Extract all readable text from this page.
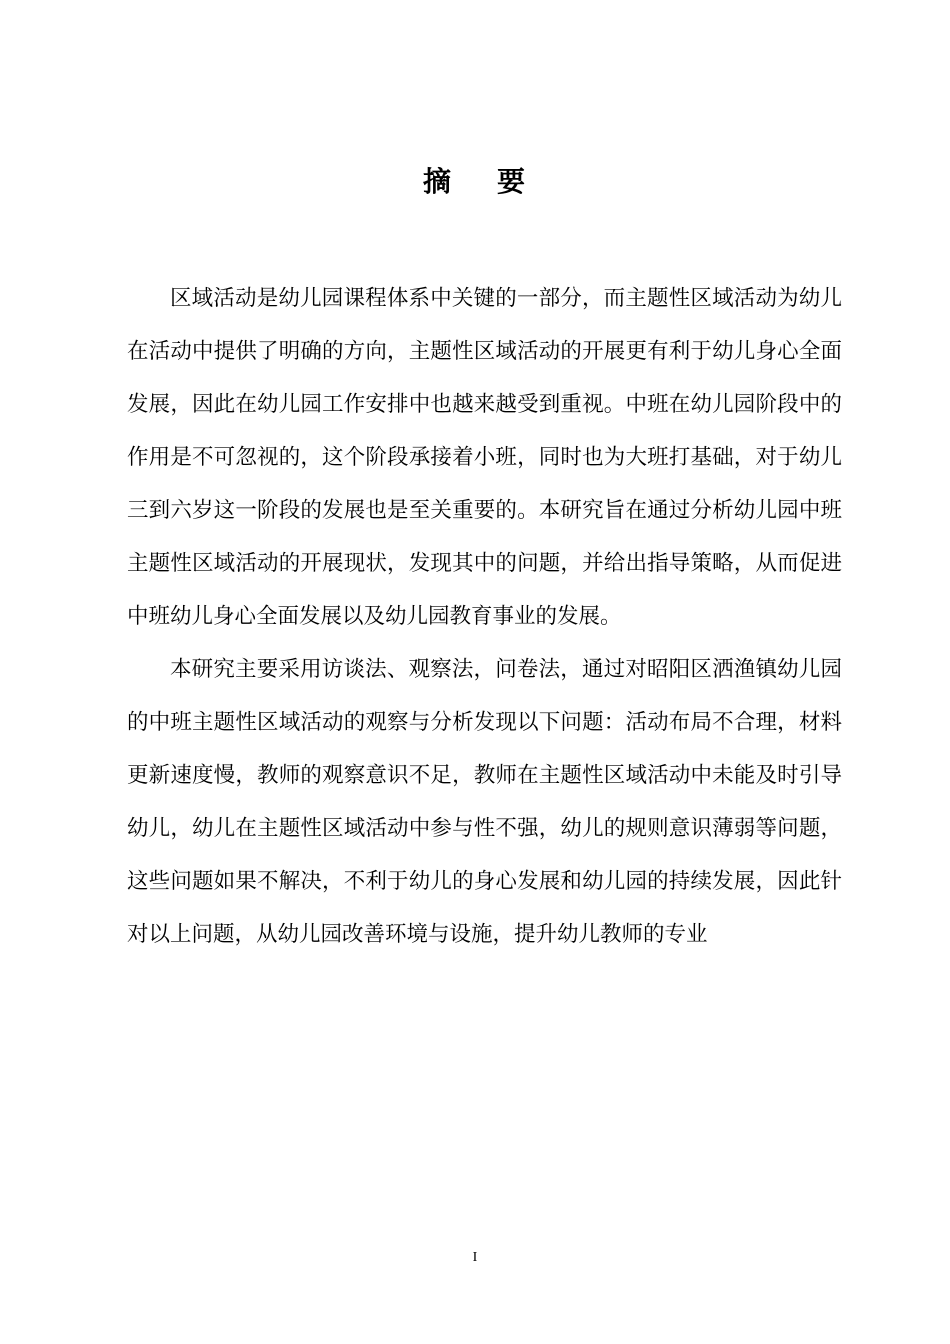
摘 要

区域活动是幼儿园课程体系中关键的一部分，而主题性区域活动为幼儿在活动中提供了明确的方向，主题性区域活动的开展更有利于幼儿身心全面发展，因此在幼儿园工作安排中也越来越受到重视。中班在幼儿园阶段中的作用是不可忽视的，这个阶段承接着小班，同时也为大班打基础，对于幼儿三到六岁这一阶段的发展也是至关重要的。本研究旨在通过分析幼儿园中班主题性区域活动的开展现状，发现其中的问题，并给出指导策略，从而促进中班幼儿身心全面发展以及幼儿园教育事业的发展。

本研究主要采用访谈法、观察法，问卷法，通过对昭阳区洒渔镇幼儿园的中班主题性区域活动的观察与分析发现以下问题：活动布局不合理，材料更新速度慢，教师的观察意识不足，教师在主题性区域活动中未能及时引导幼儿，幼儿在主题性区域活动中参与性不强，幼儿的规则意识薄弱等问题，这些问题如果不解决，不利于幼儿的身心发展和幼儿园的持续发展，因此针对以上问题，从幼儿园改善环境与设施，提升幼儿教师的专业

I
